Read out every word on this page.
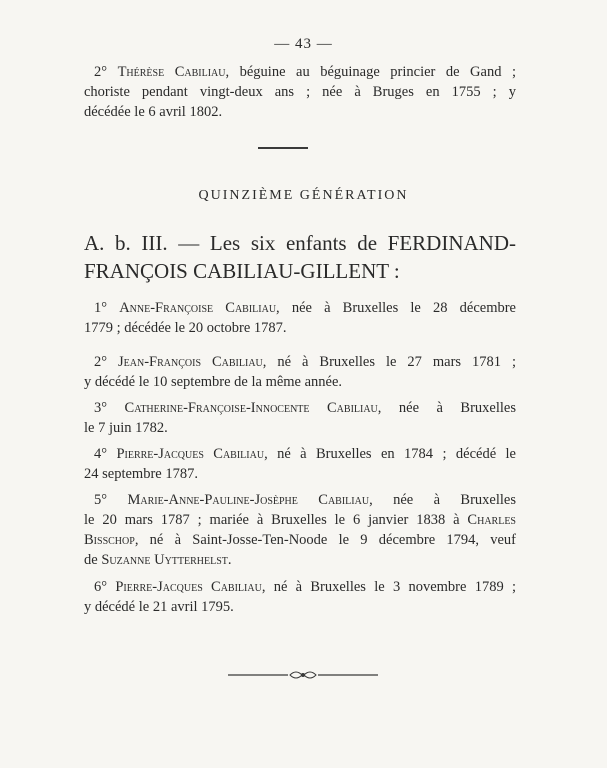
— 43 —
2° Thérèse Cabiliau, béguine au béguinage princier de Gand ;
choriste pendant vingt-deux ans ; née à Bruges en 1755 ; y
décédée le 6 avril 1802.
QUINZIÈME GÉNÉRATION
A. b. III. — Les six enfants de FERDINAND-
FRANÇOIS CABILIAU-GILLENT :
1° Anne-Françoise Cabiliau, née à Bruxelles le 28 décembre
1779 ; décédée le 20 octobre 1787.
2° Jean-François Cabiliau, né à Bruxelles le 27 mars 1781 ;
y décédé le 10 septembre de la même année.
3° Catherine-Françoise-Innocente Cabiliau, née à Bruxelles
le 7 juin 1782.
4° Pierre-Jacques Cabiliau, né à Bruxelles en 1784 ; décédé le
24 septembre 1787.
5° Marie-Anne-Pauline-Josèphe Cabiliau, née à Bruxelles
le 20 mars 1787 ; mariée à Bruxelles le 6 janvier 1838 à Charles
Bisschop, né à Saint-Josse-Ten-Noode le 9 décembre 1794, veuf
de Suzanne Uytterhelst.
6° Pierre-Jacques Cabiliau, né à Bruxelles le 3 novembre 1789 ;
y décédé le 21 avril 1795.
